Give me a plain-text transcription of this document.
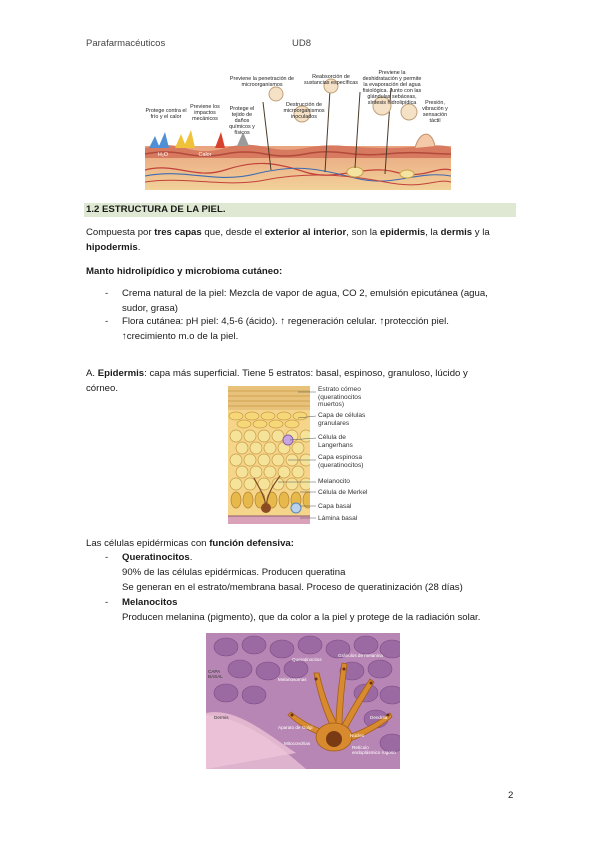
Parafarmacéuticos	UD8
Protege contra el frío y el calor
Previene los impactos mecánicos
Protege el tejido de daños químicos y físicos
Previene la penetración de microorganismos
Destrucción de microorganismos inoculados
Reabsorción de sustancias específicas
Previene la deshidratación y permite la evaporación del agua fisiológica. Junto con las glándulas sebáceas, síntesis hidrolipídica	Presión, vibración y sensación táctil
H₂O	Calor
1.2 ESTRUCTURA DE LA PIEL.
Compuesta por tres capas que, desde el exterior al interior, son la epidermis, la dermis y la
hipodermis.
Manto hidrolipídico y microbioma cutáneo:
- Crema natural de la piel: Mezcla de vapor de agua, CO 2, emulsión epicutánea (agua,
sudor, grasa)
- Flora cutánea: pH piel: 4,5-6 (ácido). ↑ regeneración celular. ↑protección piel.
↑crecimiento m.o de la piel.
A. Epidermis: capa más superficial. Tiene 5 estratos: basal, espinoso, granuloso, lúcido y
córneo.	Estrato córneo (queratinocitos muertos)
Capa de células granulares
Célula de Langerhans
Capa espinosa (queratinocitos)
Melanocito
Célula de Merkel
Capa basal
Lámina basal
Las células epidérmicas con función defensiva:
- Queratinocitos.
90% de las células epidérmicas. Producen queratina
Se generan en el estrato/membrana basal. Proceso de queratinización (28 días)
- Melanocitos
Producen melanina (pigmento), que da color a la piel y protege de la radiación solar.
Queratinocitos
Gránulos de melanina
Melanosomas
Dendrita
Aparato de Golgi
Núcleo
Mitocondrias
Retículo endoplásmico rugoso
Dermis
CAPA BASAL
2
